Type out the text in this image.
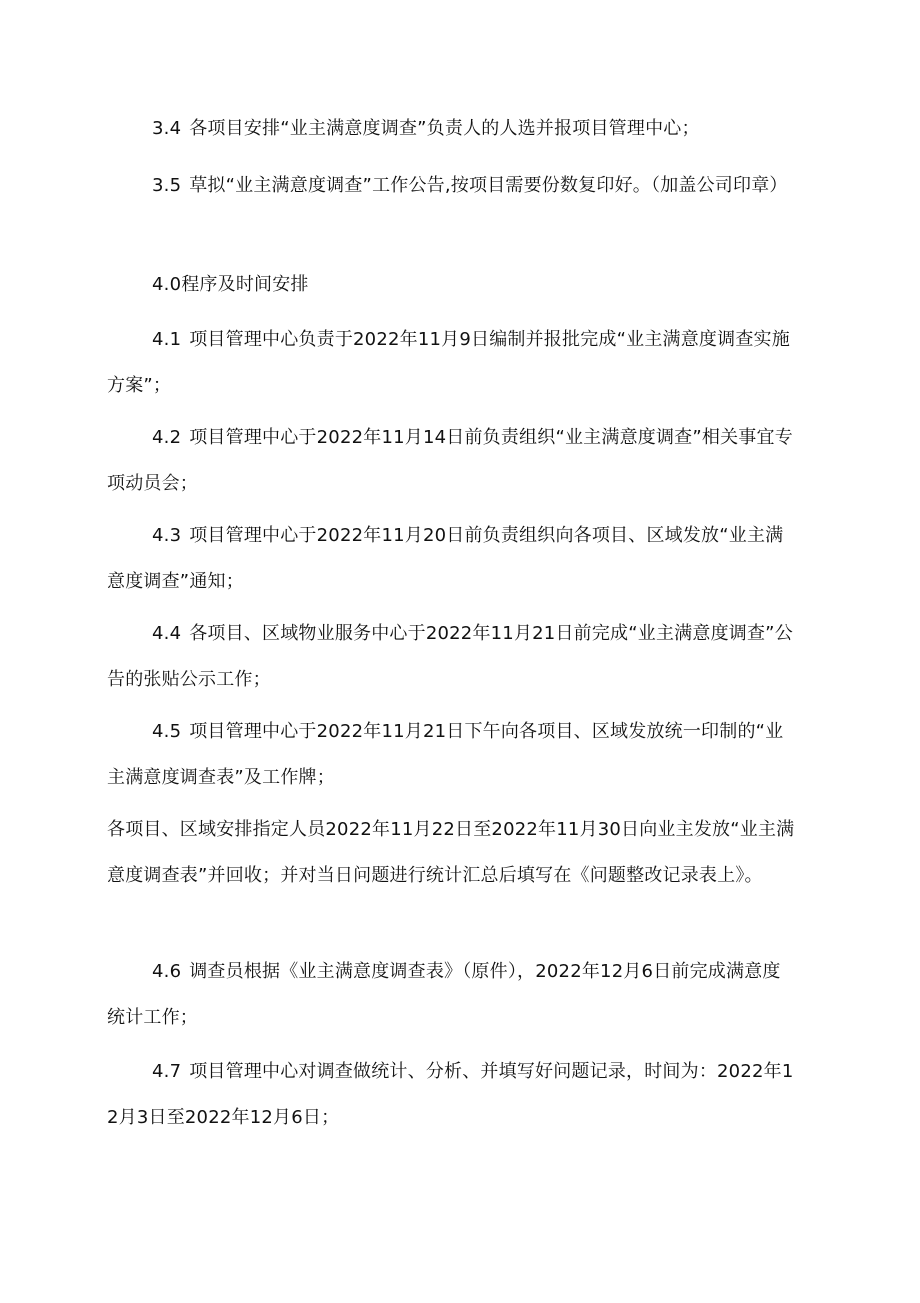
3.4 各项目安排“业主满意度调查”负责人的人选并报项目管理中心；

3.5 草拟“业主满意度调查”工作公告,按项目需要份数复印好。（加盖公司印章）

4.0程序及时间安排

4.1 项目管理中心负责于2022年11月9日编制并报批完成“业主满意度调查实施方案”；

4.2 项目管理中心于2022年11月14日前负责组织“业主满意度调查”相关事宜专项动员会；

4.3 项目管理中心于2022年11月20日前负责组织向各项目、区域发放“业主满意度调查”通知；

4.4 各项目、区域物业服务中心于2022年11月21日前完成“业主满意度调查”公告的张贴公示工作；

4.5 项目管理中心于2022年11月21日下午向各项目、区域发放统一印制的“业主满意度调查表”及工作牌；

各项目、区域安排指定人员2022年11月22日至2022年11月30日向业主发放“业主满意度调查表”并回收；并对当日问题进行统计汇总后填写在《问题整改记录表上》。

4.6 调查员根据《业主满意度调查表》（原件），2022年12月6日前完成满意度统计工作；

4.7 项目管理中心对调查做统计、分析、并填写好问题记录，时间为：2022年12月3日至2022年12月6日；
